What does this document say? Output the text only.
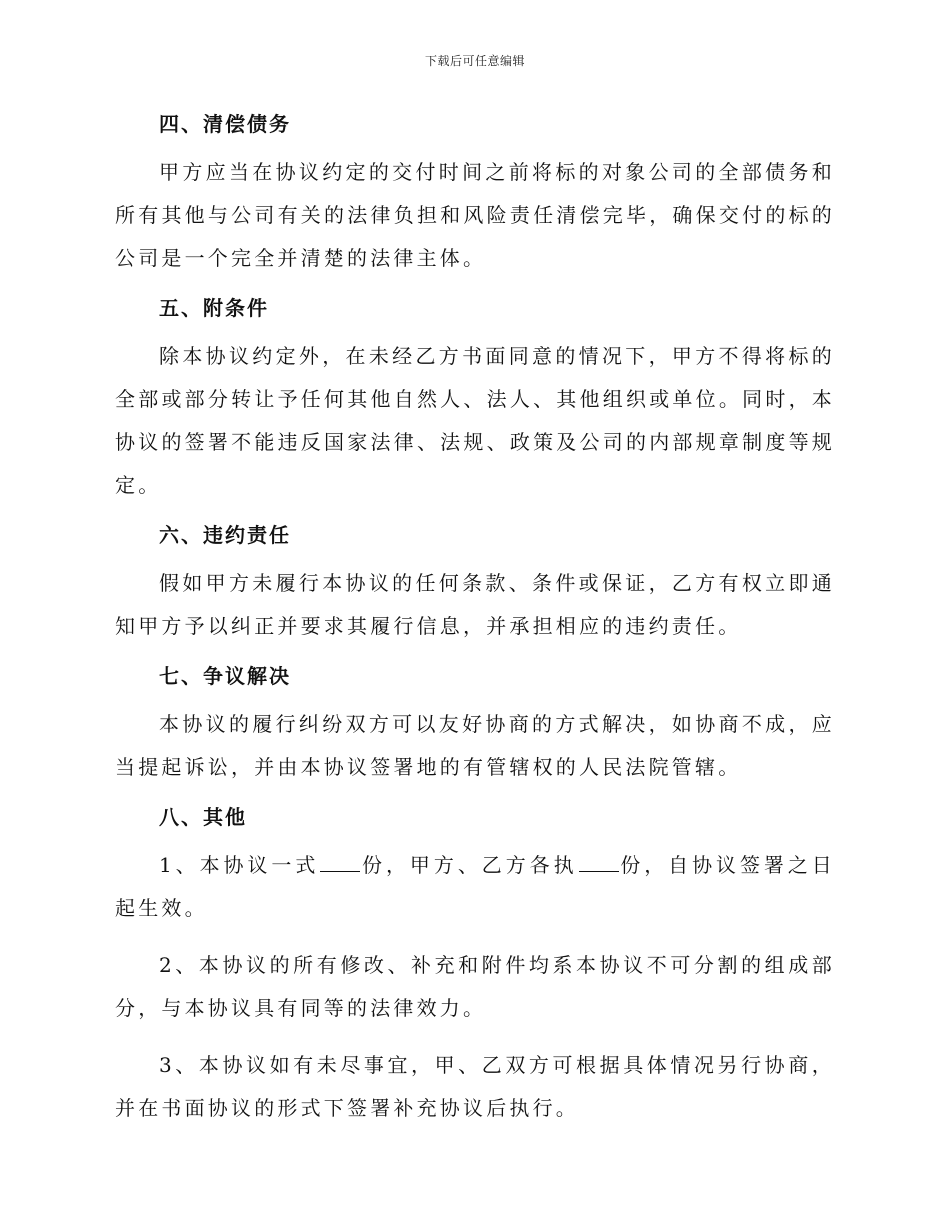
下载后可任意编辑
四、清偿债务

甲方应当在协议约定的交付时间之前将标的对象公司的全部债务和所有其他与公司有关的法律负担和风险责任清偿完毕，确保交付的标的公司是一个完全并清楚的法律主体。

五、附条件

除本协议约定外，在未经乙方书面同意的情况下，甲方不得将标的全部或部分转让予任何其他自然人、法人、其他组织或单位。同时，本协议的签署不能违反国家法律、法规、政策及公司的内部规章制度等规定。

六、违约责任

假如甲方未履行本协议的任何条款、条件或保证，乙方有权立即通知甲方予以纠正并要求其履行信息，并承担相应的违约责任。

七、争议解决

本协议的履行纠纷双方可以友好协商的方式解决，如协商不成，应当提起诉讼，并由本协议签署地的有管辖权的人民法院管辖。

八、其他

1、本协议一式 份，甲方、乙方各执 份，自协议签署之日起生效。

2、本协议的所有修改、补充和附件均系本协议不可分割的组成部分，与本协议具有同等的法律效力。

3、本协议如有未尽事宜，甲、乙双方可根据具体情况另行协商，并在书面协议的形式下签署补充协议后执行。
